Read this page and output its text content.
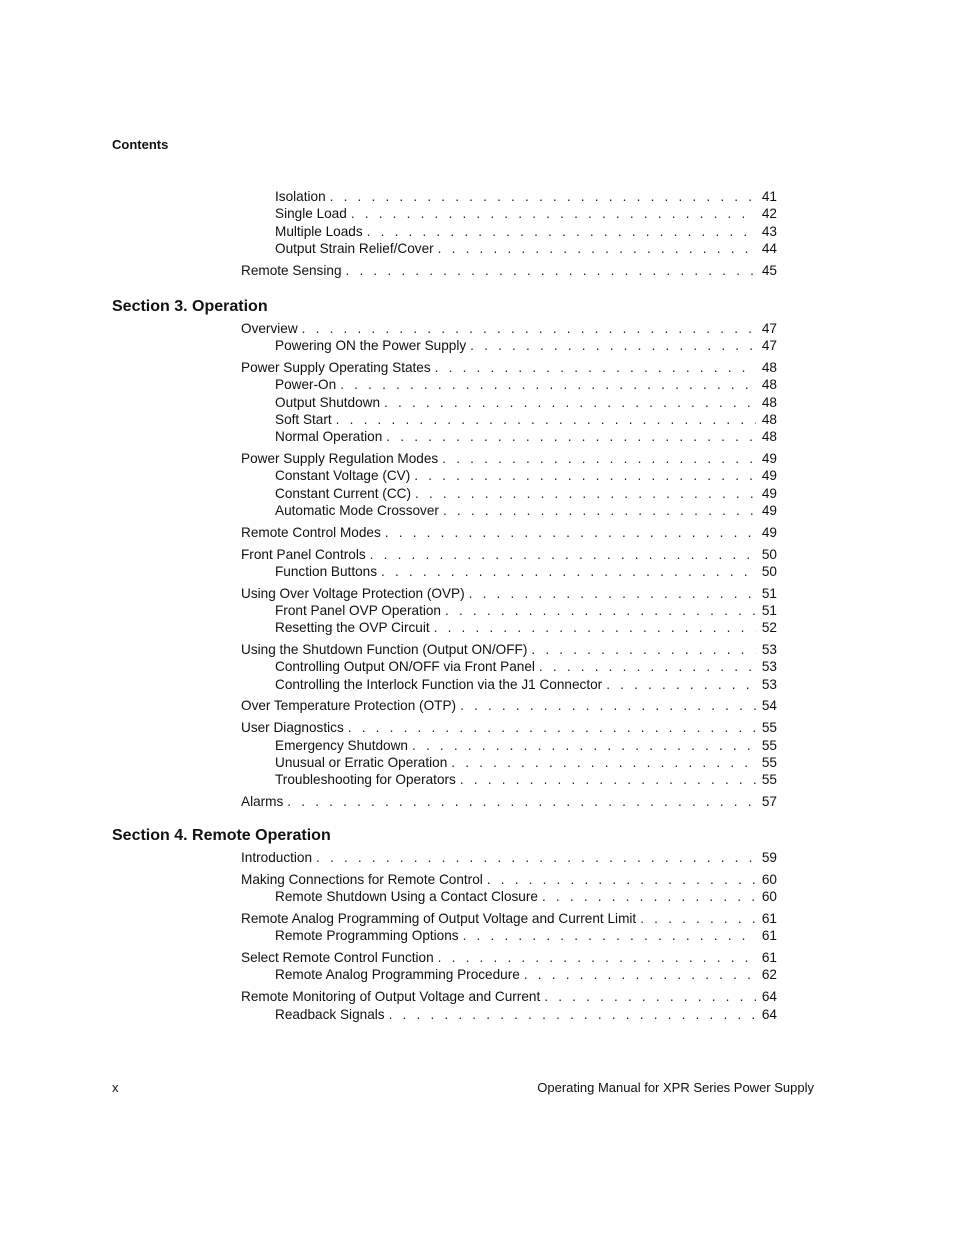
Contents
Isolation . . .	41
Single Load . . .	42
Multiple Loads . . .	43
Output Strain Relief/Cover . . .	44
Remote Sensing . . .	45
Section 3. Operation
Overview . . .	47
Powering ON the Power Supply . . .	47
Power Supply Operating States . . .	48
Power-On . . .	48
Output Shutdown . . .	48
Soft Start . . .	48
Normal Operation . . .	48
Power Supply Regulation Modes . . .	49
Constant Voltage (CV) . . .	49
Constant Current (CC) . . .	49
Automatic Mode Crossover . . .	49
Remote Control Modes . . .	49
Front Panel Controls . . .	50
Function Buttons . . .	50
Using Over Voltage Protection (OVP) . . .	51
Front Panel OVP Operation . . .	51
Resetting the OVP Circuit . . .	52
Using the Shutdown Function (Output ON/OFF) . . .	53
Controlling Output ON/OFF via Front Panel . . .	53
Controlling the Interlock Function via the J1 Connector . . .	53
Over Temperature Protection (OTP) . . .	54
User Diagnostics . . .	55
Emergency Shutdown . . .	55
Unusual or Erratic Operation . . .	55
Troubleshooting for Operators . . .	55
Alarms . . .	57
Section 4. Remote Operation
Introduction . . .	59
Making Connections for Remote Control . . .	60
Remote Shutdown Using a Contact Closure . . .	60
Remote Analog Programming of Output Voltage and Current Limit . . .	61
Remote Programming Options . . .	61
Select Remote Control Function . . .	61
Remote Analog Programming Procedure . . .	62
Remote Monitoring of Output Voltage and Current . . .	64
Readback Signals . . .	64
x	Operating Manual for XPR Series Power Supply
